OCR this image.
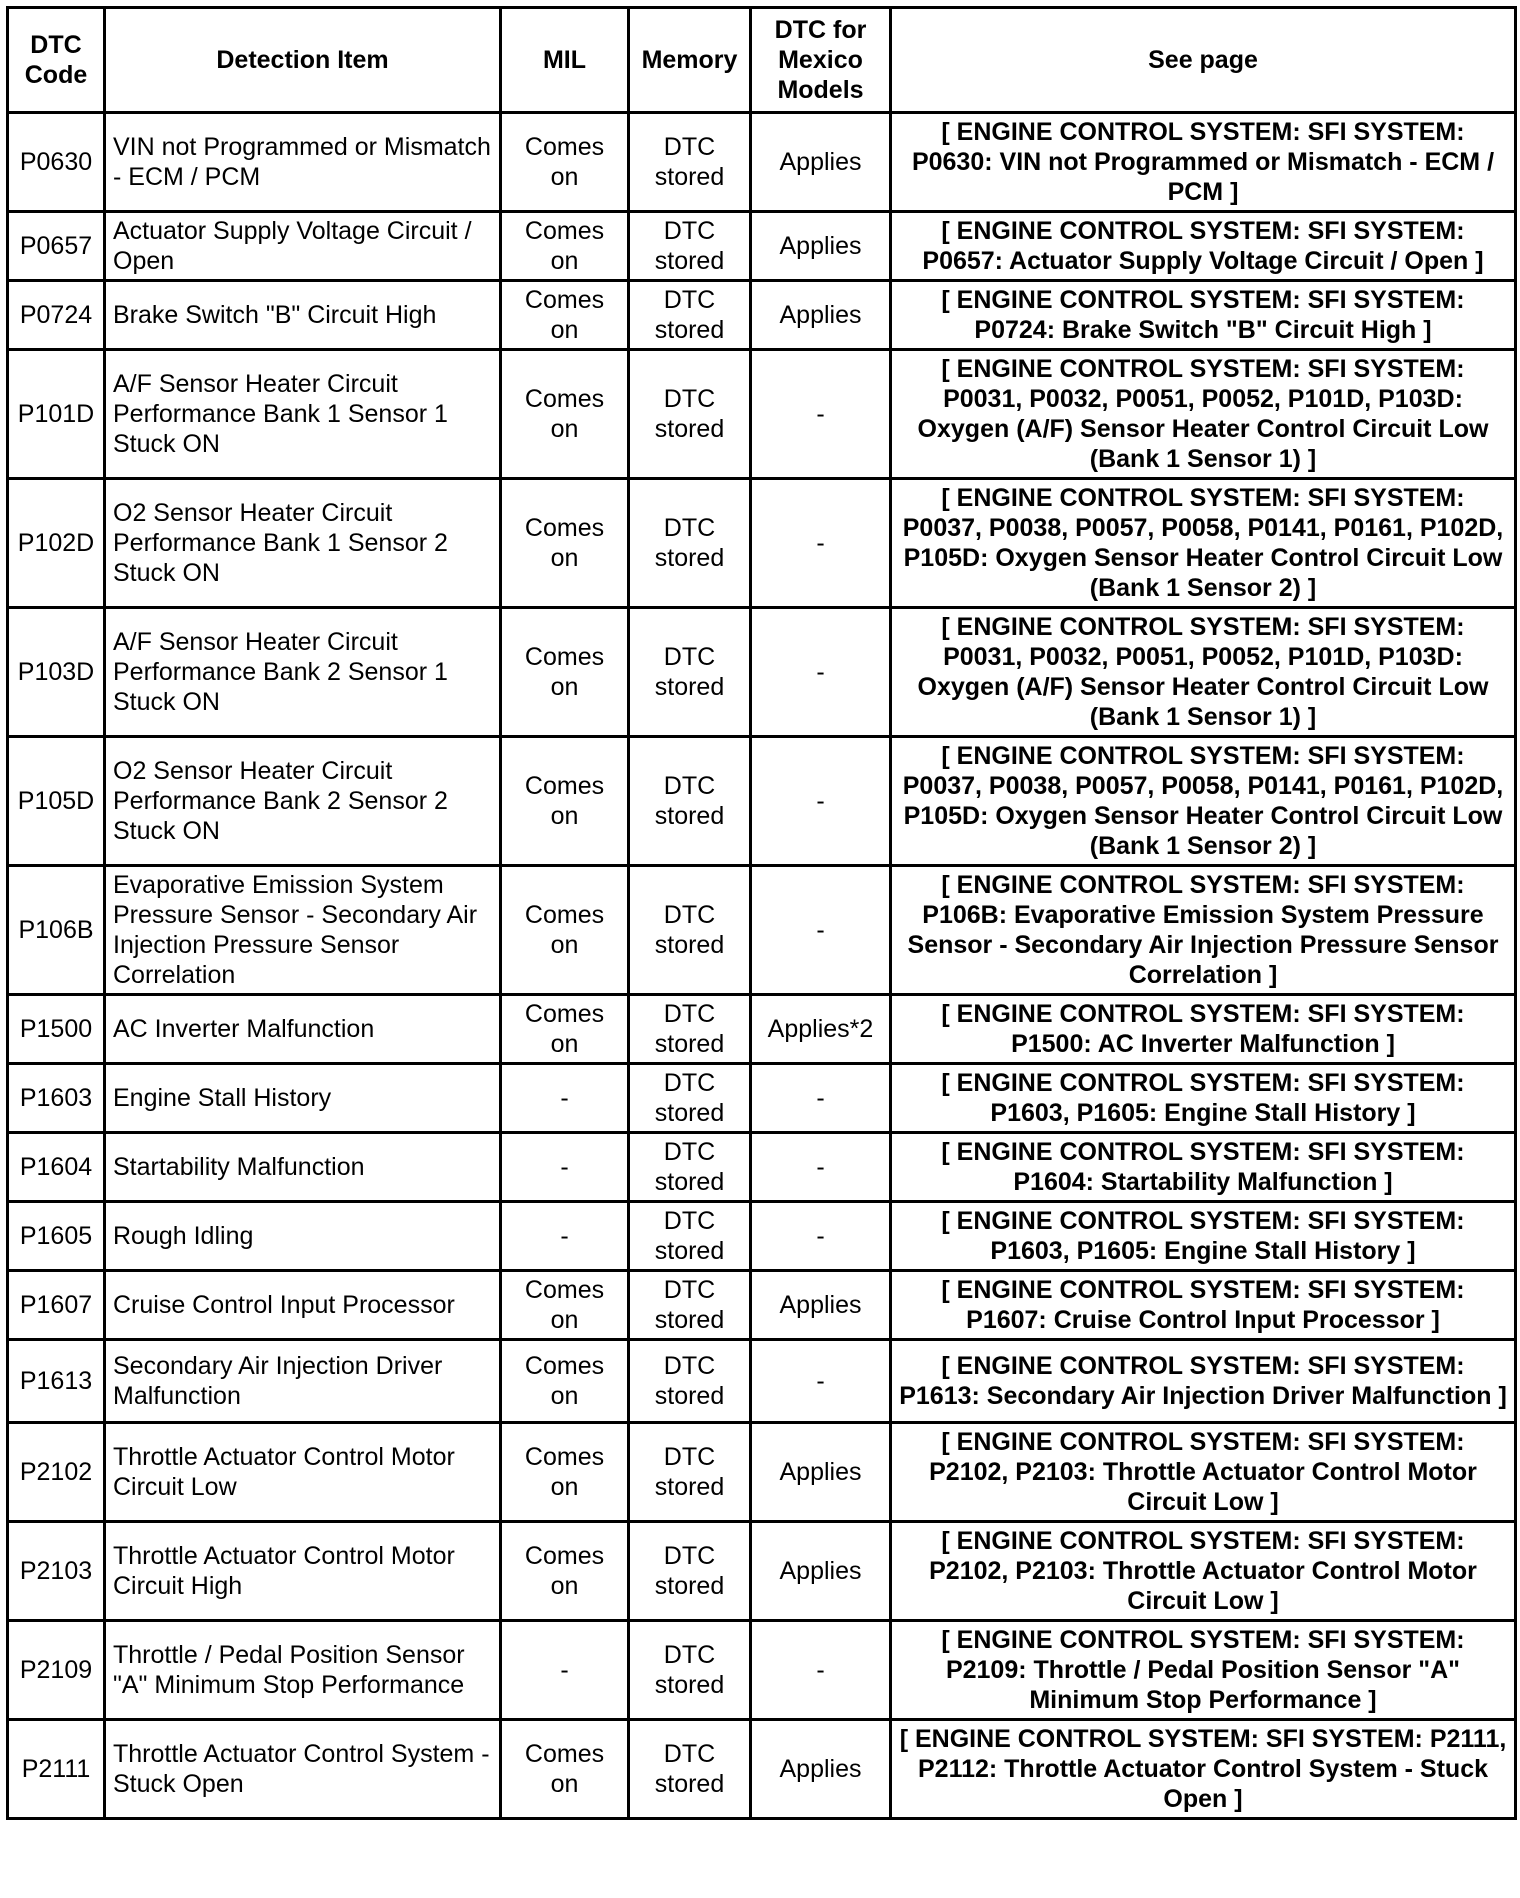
DTC Code	Detection Item	MIL	Memory	DTC for Mexico Models	See page
P0630	VIN not Programmed or Mismatch - ECM / PCM	Comes on	DTC stored	Applies	[ ENGINE CONTROL SYSTEM: SFI SYSTEM: P0630: VIN not Programmed or Mismatch - ECM / PCM ]
P0657	Actuator Supply Voltage Circuit / Open	Comes on	DTC stored	Applies	[ ENGINE CONTROL SYSTEM: SFI SYSTEM: P0657: Actuator Supply Voltage Circuit / Open ]
P0724	Brake Switch "B" Circuit High	Comes on	DTC stored	Applies	[ ENGINE CONTROL SYSTEM: SFI SYSTEM: P0724: Brake Switch "B" Circuit High ]
P101D	A/F Sensor Heater Circuit Performance Bank 1 Sensor 1 Stuck ON	Comes on	DTC stored	-	[ ENGINE CONTROL SYSTEM: SFI SYSTEM: P0031, P0032, P0051, P0052, P101D, P103D: Oxygen (A/F) Sensor Heater Control Circuit Low (Bank 1 Sensor 1) ]
P102D	O2 Sensor Heater Circuit Performance Bank 1 Sensor 2 Stuck ON	Comes on	DTC stored	-	[ ENGINE CONTROL SYSTEM: SFI SYSTEM: P0037, P0038, P0057, P0058, P0141, P0161, P102D, P105D: Oxygen Sensor Heater Control Circuit Low (Bank 1 Sensor 2) ]
P103D	A/F Sensor Heater Circuit Performance Bank 2 Sensor 1 Stuck ON	Comes on	DTC stored	-	[ ENGINE CONTROL SYSTEM: SFI SYSTEM: P0031, P0032, P0051, P0052, P101D, P103D: Oxygen (A/F) Sensor Heater Control Circuit Low (Bank 1 Sensor 1) ]
P105D	O2 Sensor Heater Circuit Performance Bank 2 Sensor 2 Stuck ON	Comes on	DTC stored	-	[ ENGINE CONTROL SYSTEM: SFI SYSTEM: P0037, P0038, P0057, P0058, P0141, P0161, P102D, P105D: Oxygen Sensor Heater Control Circuit Low (Bank 1 Sensor 2) ]
P106B	Evaporative Emission System Pressure Sensor - Secondary Air Injection Pressure Sensor Correlation	Comes on	DTC stored	-	[ ENGINE CONTROL SYSTEM: SFI SYSTEM: P106B: Evaporative Emission System Pressure Sensor - Secondary Air Injection Pressure Sensor Correlation ]
P1500	AC Inverter Malfunction	Comes on	DTC stored	Applies*2	[ ENGINE CONTROL SYSTEM: SFI SYSTEM: P1500: AC Inverter Malfunction ]
P1603	Engine Stall History	-	DTC stored	-	[ ENGINE CONTROL SYSTEM: SFI SYSTEM: P1603, P1605: Engine Stall History ]
P1604	Startability Malfunction	-	DTC stored	-	[ ENGINE CONTROL SYSTEM: SFI SYSTEM: P1604: Startability Malfunction ]
P1605	Rough Idling	-	DTC stored	-	[ ENGINE CONTROL SYSTEM: SFI SYSTEM: P1603, P1605: Engine Stall History ]
P1607	Cruise Control Input Processor	Comes on	DTC stored	Applies	[ ENGINE CONTROL SYSTEM: SFI SYSTEM: P1607: Cruise Control Input Processor ]
P1613	Secondary Air Injection Driver Malfunction	Comes on	DTC stored	-	[ ENGINE CONTROL SYSTEM: SFI SYSTEM: P1613: Secondary Air Injection Driver Malfunction ]
P2102	Throttle Actuator Control Motor Circuit Low	Comes on	DTC stored	Applies	[ ENGINE CONTROL SYSTEM: SFI SYSTEM: P2102, P2103: Throttle Actuator Control Motor Circuit Low ]
P2103	Throttle Actuator Control Motor Circuit High	Comes on	DTC stored	Applies	[ ENGINE CONTROL SYSTEM: SFI SYSTEM: P2102, P2103: Throttle Actuator Control Motor Circuit Low ]
P2109	Throttle / Pedal Position Sensor "A" Minimum Stop Performance	-	DTC stored	-	[ ENGINE CONTROL SYSTEM: SFI SYSTEM: P2109: Throttle / Pedal Position Sensor "A" Minimum Stop Performance ]
P2111	Throttle Actuator Control System - Stuck Open	Comes on	DTC stored	Applies	[ ENGINE CONTROL SYSTEM: SFI SYSTEM: P2111, P2112: Throttle Actuator Control System - Stuck Open ]
